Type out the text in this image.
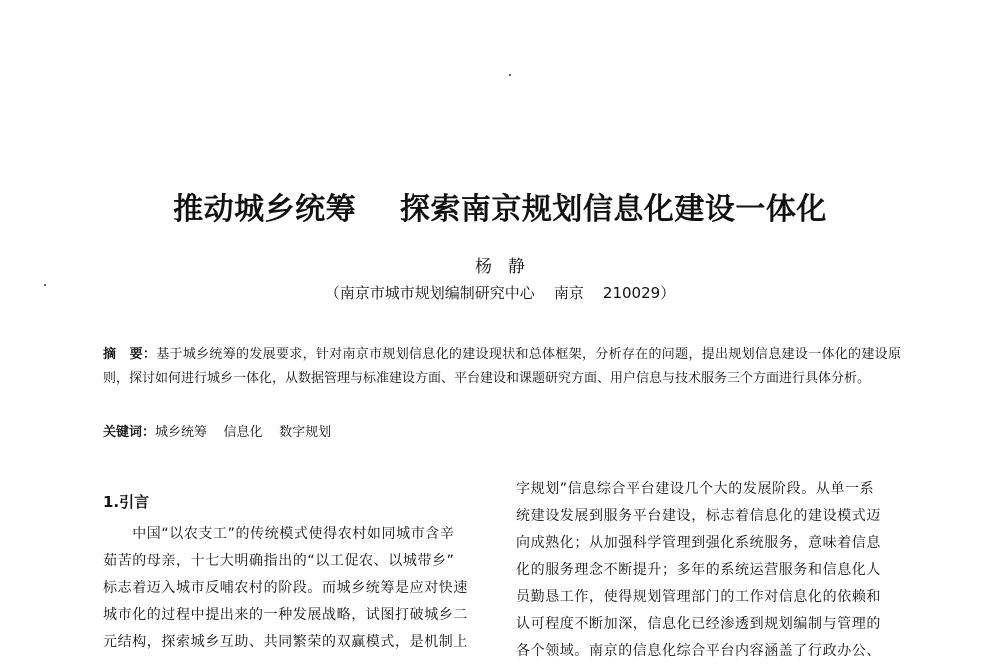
推动城乡统筹    探索南京规划信息化建设一体化
杨静
（南京市城市规划编制研究中心    南京    210029）
摘　要：基于城乡统筹的发展要求，针对南京市规划信息化的建设现状和总体框架，分析存在的问题，提出规划信息建设一体化的建设原则，探讨如何进行城乡一体化，从数据管理与标准建设方面、平台建设和课题研究方面、用户信息与技术服务三个方面进行具体分析。
关键词：城乡统筹    信息化    数字规划
1.引言
　　中国“以农支工”的传统模式使得农村如同城市含辛
茹苦的母亲，十七大明确指出的“以工促农、以城带乡”
标志着迈入城市反哺农村的阶段。而城乡统筹是应对快速
城市化的过程中提出来的一种发展战略，试图打破城乡二
元结构，探索城乡互助、共同繁荣的双赢模式，是机制上
字规划”信息综合平台建设几个大的发展阶段。从单一系
统建设发展到服务平台建设，标志着信息化的建设模式迈
向成熟化；从加强科学管理到强化系统服务，意味着信息
化的服务理念不断提升；多年的系统运营服务和信息化人
员勤恳工作，使得规划管理部门的工作对信息化的依赖和
认可程度不断加深，信息化已经渗透到规划编制与管理的
各个领域。南京的信息化综合平台内容涵盖了行政办公、
